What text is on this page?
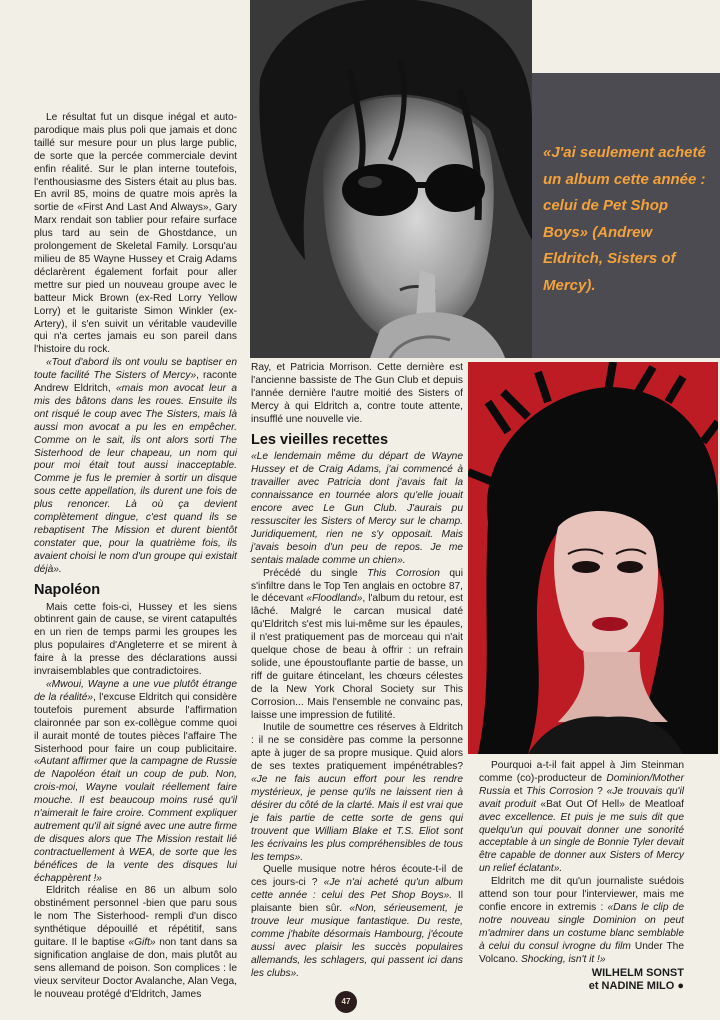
«J'ai seulement acheté un album cette année : celui de Pet Shop Boys» (Andrew Eldritch, Sisters of Mercy).

Le résultat fut un disque inégal et auto-parodique mais plus poli que jamais et donc taillé sur mesure pour un plus large public, de sorte que la percée commerciale devint enfin réalité. Sur le plan interne toutefois, l'enthousiasme des Sisters était au plus bas. En avril 85, moins de quatre mois après la sortie de «First And Last And Always», Gary Marx rendait son tablier pour refaire surface plus tard au sein de Ghostdance, un prolongement de Skeletal Family. Lorsqu'au milieu de 85 Wayne Hussey et Craig Adams déclarèrent également forfait pour aller mettre sur pied un nouveau groupe avec le batteur Mick Brown (ex-Red Lorry Yellow Lorry) et le guitariste Simon Winkler (ex-Artery), il s'en suivit un véritable vaudeville qui n'a certes jamais eu son pareil dans l'histoire du rock.

«Tout d'abord ils ont voulu se baptiser en toute facilité The Sisters of Mercy», raconte Andrew Eldritch, «mais mon avocat leur a mis des bâtons dans les roues. Ensuite ils ont risqué le coup avec The Sisters, mais là aussi mon avocat a pu les en empêcher. Comme on le sait, ils ont alors sorti The Sisterhood de leur chapeau, un nom qui pour moi était tout aussi inacceptable. Comme je fus le premier à sortir un disque sous cette appellation, ils durent une fois de plus renoncer. Là où ça devient complètement dingue, c'est quand ils se rebaptisent The Mission et durent bientôt constater que, pour la quatrième fois, ils avaient choisi le nom d'un groupe qui existait déjà».

Napoléon

Mais cette fois-ci, Hussey et les siens obtinrent gain de cause, se virent catapultés en un rien de temps parmi les groupes les plus populaires d'Angleterre et se mirent à faire à la presse des déclarations aussi invraisemblables que contradictoires.

«Mwoui, Wayne a une vue plutôt étrange de la réalité», l'excuse Eldritch qui considère toutefois purement absurde l'affirmation claironnée par son ex-collègue comme quoi il aurait monté de toutes pièces l'affaire The Sisterhood pour faire un coup publicitaire. «Autant affirmer que la campagne de Russie de Napoléon était un coup de pub. Non, crois-moi, Wayne voulait réellement faire mouche. Il est beaucoup moins rusé qu'il n'aimerait le faire croire. Comment expliquer autrement qu'il ait signé avec une autre firme de disques alors que The Mission restait lié contractuellement à WEA, de sorte que les bénéfices de la vente des disques lui échappèrent !»

Eldritch réalise en 86 un album solo obstinément personnel -bien que paru sous le nom The Sisterhood- rempli d'un disco synthétique dépouillé et répétitif, sans guitare. Il le baptise «Gift» non tant dans sa signification anglaise de don, mais plutôt au sens allemand de poison. Son complices : le vieux serviteur Doctor Avalanche, Alan Vega, le nouveau protégé d'Eldritch, James

Ray, et Patricia Morrison. Cette dernière est l'ancienne bassiste de The Gun Club et depuis l'année dernière l'autre moitié des Sisters of Mercy à qui Eldritch a, contre toute attente, insufflé une nouvelle vie.

Les vieilles recettes

«Le lendemain même du départ de Wayne Hussey et de Craig Adams, j'ai commencé à travailler avec Patricia dont j'avais fait la connaissance en tournée alors qu'elle jouait encore avec Le Gun Club. J'aurais pu ressusciter les Sisters of Mercy sur le champ. Juridiquement, rien ne s'y opposait. Mais j'avais besoin d'un peu de repos. Je me sentais malade comme un chien».

Précédé du single This Corrosion qui s'infiltre dans le Top Ten anglais en octobre 87, le décevant «Floodland», l'album du retour, est lâché. Malgré le carcan musical daté qu'Eldritch s'est mis lui-même sur les épaules, il n'est pratiquement pas de morceau qui n'ait quelque chose de beau à offrir : un refrain solide, une époustouflante partie de basse, un riff de guitare étincelant, les chœurs célestes de la New York Choral Society sur This Corrosion... Mais l'ensemble ne convainc pas, laisse une impression de futilité.

Inutile de soumettre ces réserves à Eldritch : il ne se considère pas comme la personne apte à juger de sa propre musique. Quid alors de ses textes pratiquement impénétrables? «Je ne fais aucun effort pour les rendre mystérieux, je pense qu'ils ne laissent rien à désirer du côté de la clarté. Mais il est vrai que je fais partie de cette sorte de gens qui trouvent que William Blake et T.S. Eliot sont les écrivains les plus compréhensibles de tous les temps».

Quelle musique notre héros écoute-t-il de ces jours-ci ? «Je n'ai acheté qu'un album cette année : celui des Pet Shop Boys». Il plaisante bien sûr. «Non, sérieusement, je trouve leur musique fantastique. Du reste, comme j'habite désormais Hambourg, j'écoute aussi avec plaisir les succès populaires allemands, les schlagers, qui passent ici dans les clubs».

Pourquoi a-t-il fait appel à Jim Steinman comme (co)-producteur de Dominion/Mother Russia et This Corrosion ? «Je trouvais qu'il avait produit «Bat Out Of Hell» de Meatloaf avec excellence. Et puis je me suis dit que quelqu'un qui pouvait donner une sonorité acceptable à un single de Bonnie Tyler devait être capable de donner aux Sisters of Mercy un relief éclatant».

Eldritch me dit qu'un journaliste suédois attend son tour pour l'interviewer, mais me confie encore in extremis : «Dans le clip de notre nouveau single Dominion on peut m'admirer dans un costume blanc semblable à celui du consul ivrogne du film Under The Volcano. Shocking, isn't it !»

WILHELM SONST

et NADINE MILO ●

47
